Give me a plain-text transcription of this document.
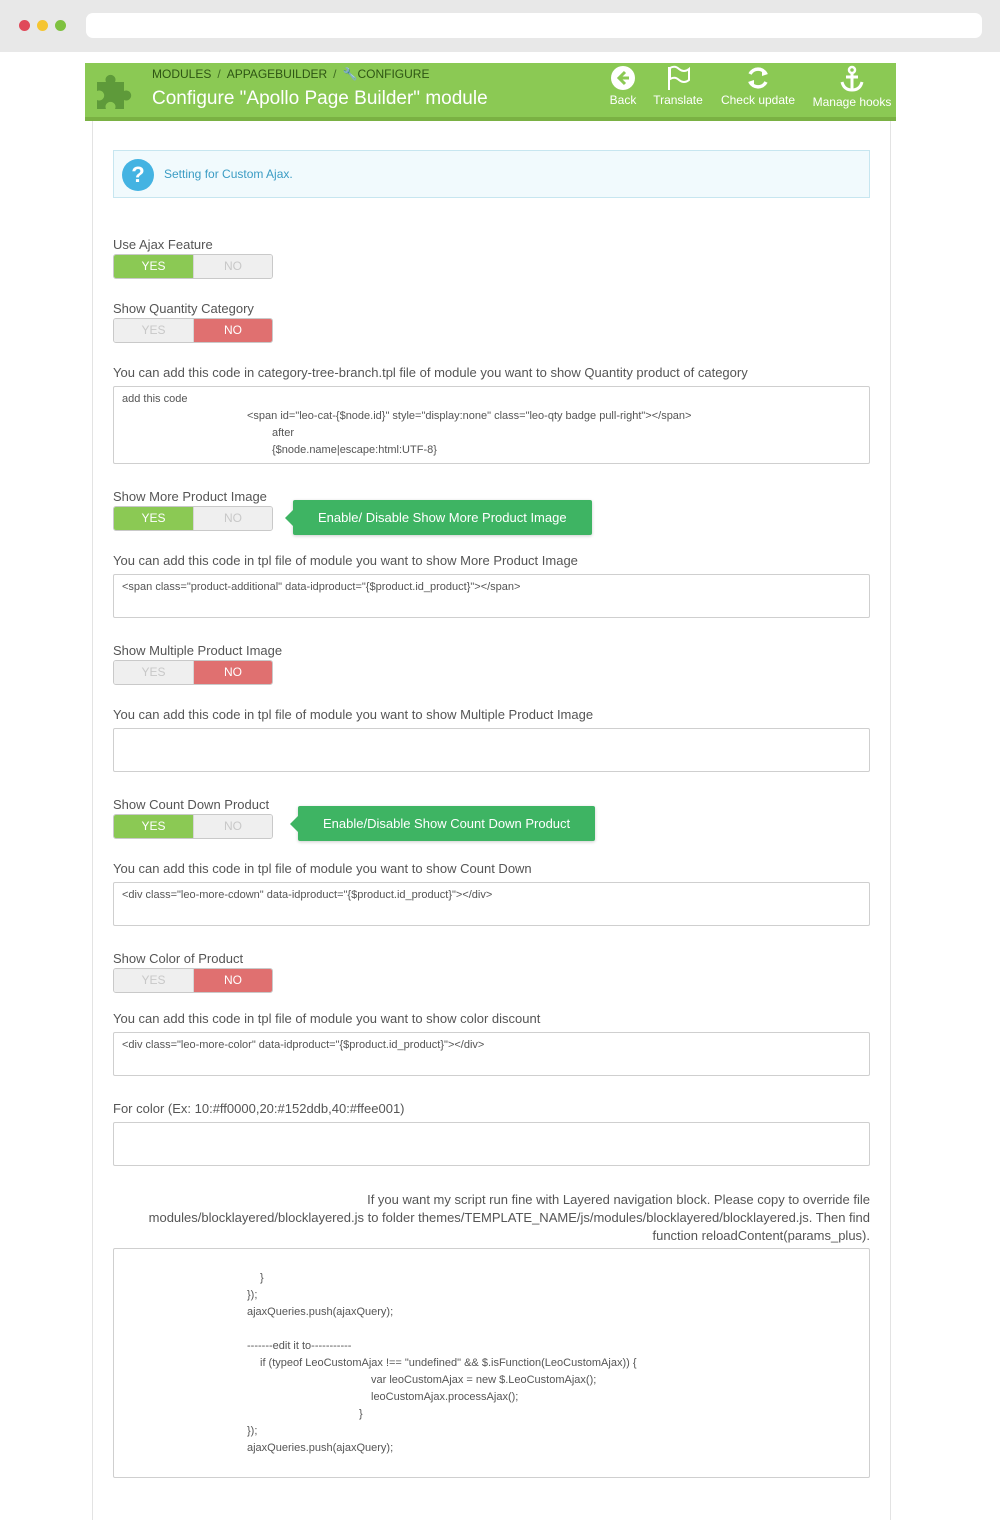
MODULES / APPAGEBUILDER / 🔧CONFIGURE
Configure "Apollo Page Builder" module	Back Translate Check update Manage hooks
?	Setting for Custom Ajax.
Use Ajax Feature
YES	NO
Show Quantity Category
YES	NO
You can add this code in category-tree-branch.tpl file of module you want to show Quantity product of category
add this code
<span id="leo-cat-{$node.id}" style="display:none" class="leo-qty badge pull-right"></span>
after
{$node.name|escape:html:UTF-8}
Show More Product Image
YES	NO	Enable/ Disable Show More Product Image
You can add this code in tpl file of module you want to show More Product Image
<span class="product-additional" data-idproduct="{$product.id_product}"></span>
Show Multiple Product Image
YES	NO
You can add this code in tpl file of module you want to show Multiple Product Image
Show Count Down Product
YES	NO	Enable/Disable Show Count Down Product
You can add this code in tpl file of module you want to show Count Down
<div class="leo-more-cdown" data-idproduct="{$product.id_product}"></div>
Show Color of Product
YES	NO
You can add this code in tpl file of module you want to show color discount
<div class="leo-more-color" data-idproduct="{$product.id_product}"></div>
For color (Ex: 10:#ff0000,20:#152ddb,40:#ffee001)
If you want my script run fine with Layered navigation block. Please copy to override file
modules/blocklayered/blocklayered.js to folder themes/TEMPLATE_NAME/js/modules/blocklayered/blocklayered.js. Then find
function reloadContent(params_plus).
}
});
ajaxQueries.push(ajaxQuery);
-------edit it to-----------
if (typeof LeoCustomAjax !== "undefined" && $.isFunction(LeoCustomAjax)) {
var leoCustomAjax = new $.LeoCustomAjax();
leoCustomAjax.processAjax();
}
});
ajaxQueries.push(ajaxQuery);
